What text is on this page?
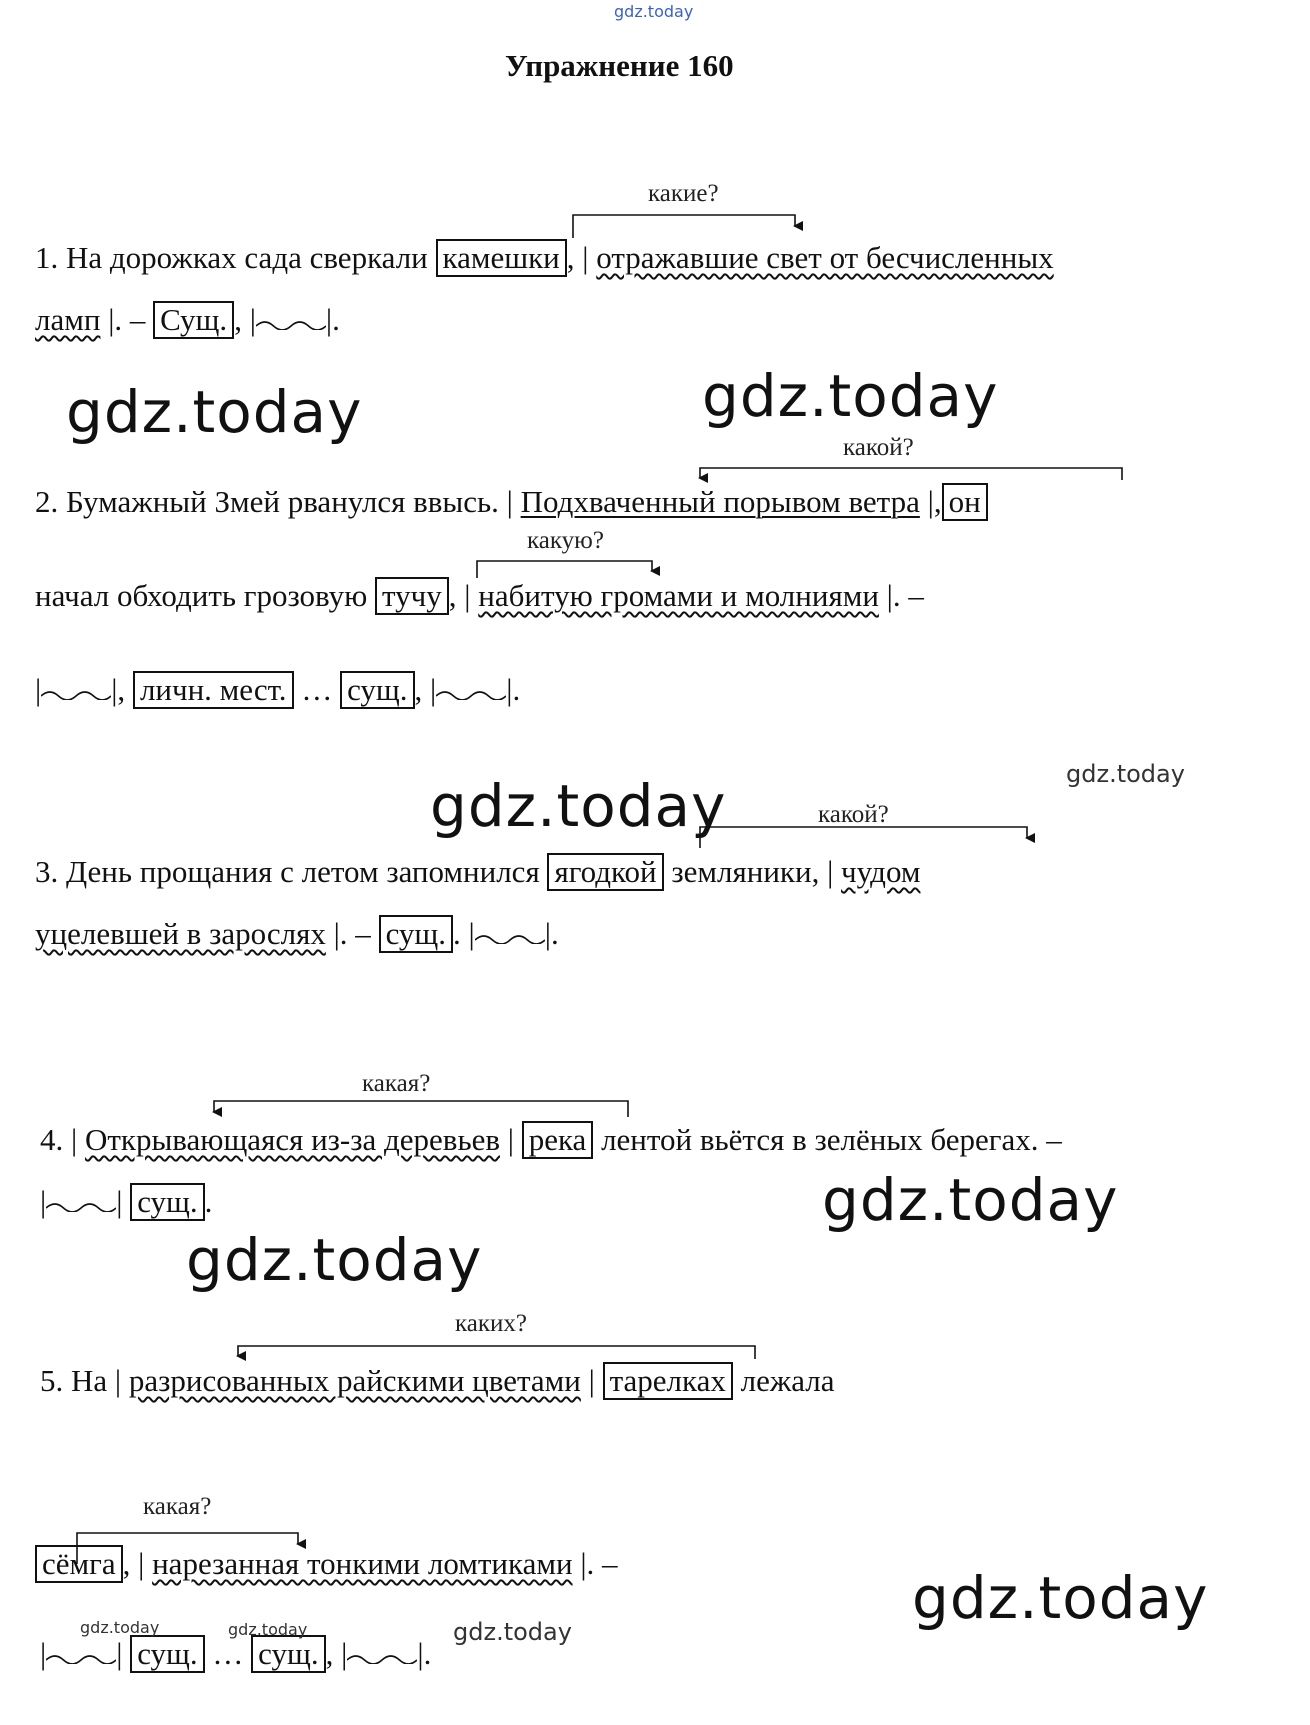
gdz.today
Упражнение 160
какие?
1. На дорожках сада сверкали камешки , | отражавшие свет от бесчисленных
ламп |. – Сущ. , | |.
gdz.today	gdz.today
какой?
2. Бумажный Змей рванулся ввысь. | Подхваченный порывом ветра |, он
какую?
начал обходить грозовую тучу , | набитую громами и молниями |. –
| |, личн. мест. … сущ. , | |.
gdz.today
gdz.today	какой?
3. День прощания с летом запомнился ягодкой земляники, | чудом
уцелевшей в зарослях |. – сущ. . | |.
какая?
4. | Открывающаяся из-за деревьев | река лентой вьётся в зелёных берегах. –
| | сущ. .	gdz.today
gdz.today
каких?
5. На | разрисованных райскими цветами | тарелках лежала
какая?
сёмга , | нарезанная тонкими ломтиками |. –
| | сущ. … сущ. , | |.
gdz.today
gdz.today	gdz.today	gdz.today
